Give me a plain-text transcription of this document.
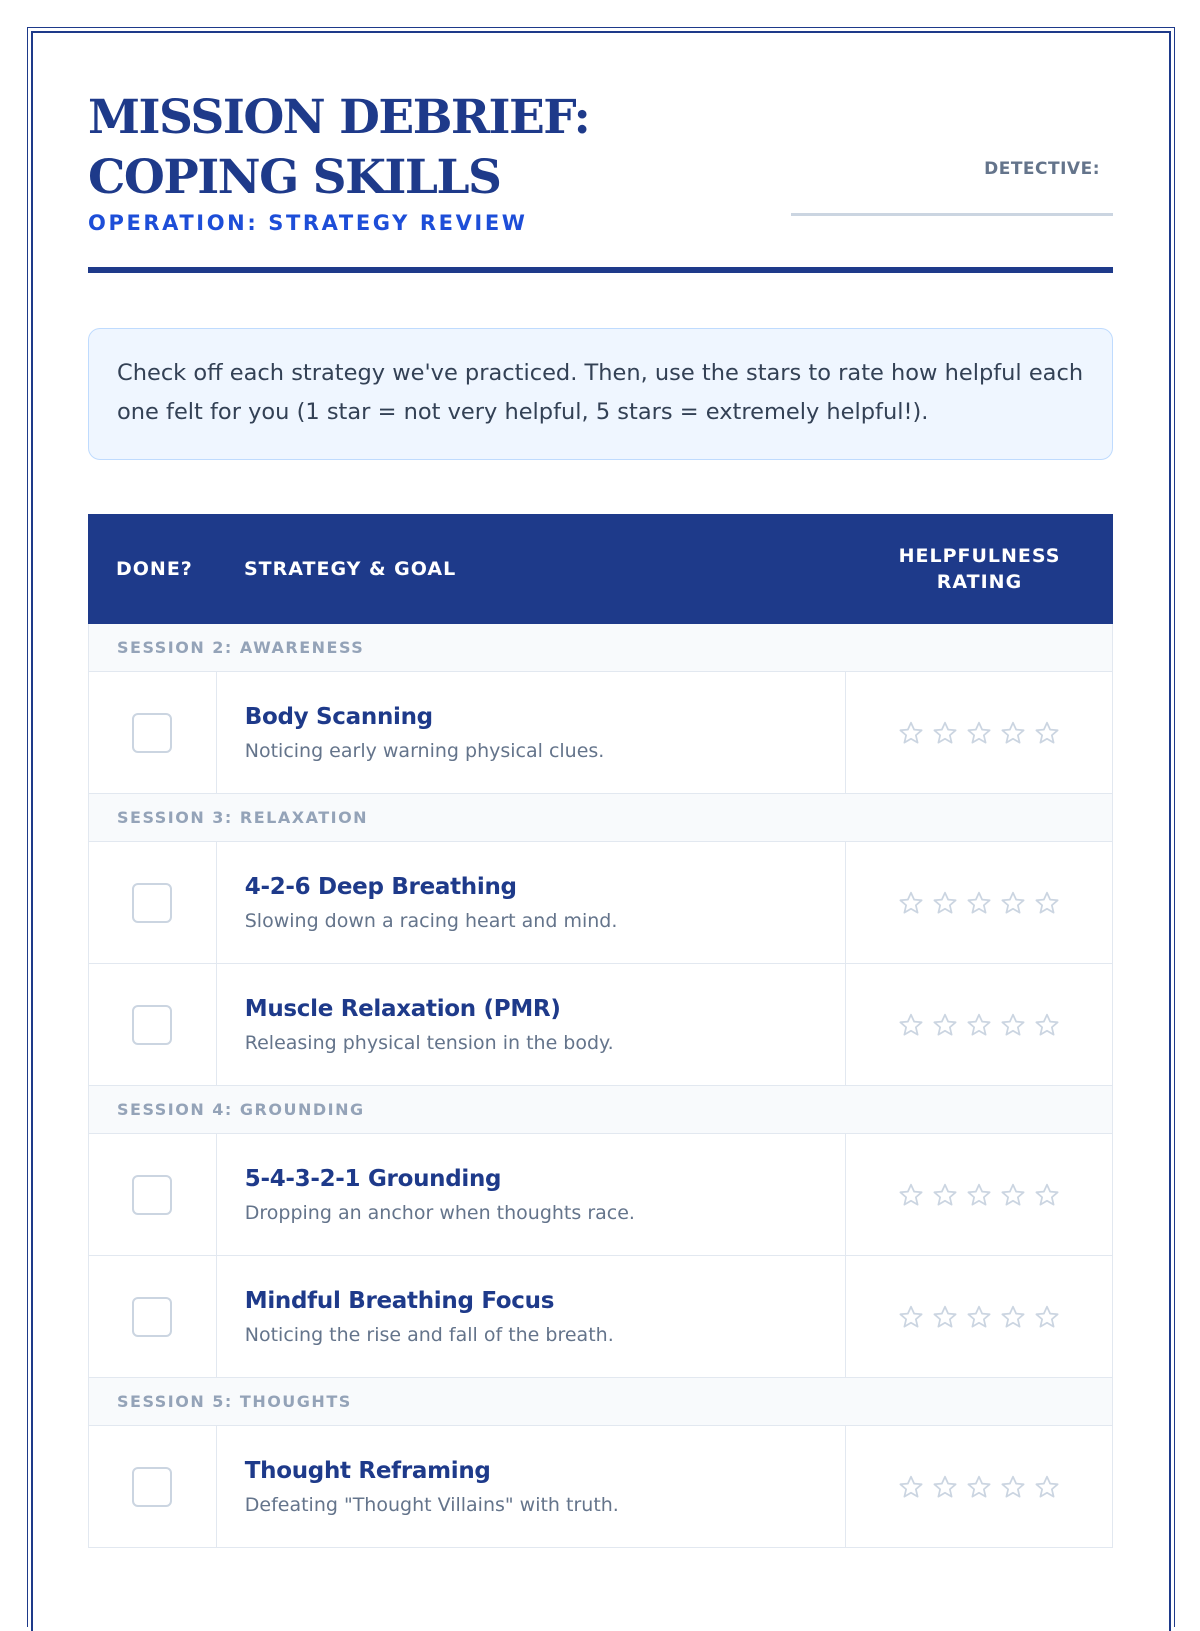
MISSION DEBRIEF: COPING SKILLS
OPERATION: STRATEGY REVIEW
DETECTIVE:
Check off each strategy we've practiced. Then, use the stars to rate how helpful each one felt for you (1 star = not very helpful, 5 stars = extremely helpful!).
DONE?	STRATEGY & GOAL
HELPFULNESS RATING
SESSION 2: AWARENESS
Body Scanning
Noticing early warning physical clues.
SESSION 3: RELAXATION
4-2-6 Deep Breathing
Slowing down a racing heart and mind.
Muscle Relaxation (PMR)
Releasing physical tension in the body.
SESSION 4: GROUNDING
5-4-3-2-1 Grounding
Dropping an anchor when thoughts race.
Mindful Breathing Focus
Noticing the rise and fall of the breath.
SESSION 5: THOUGHTS
Thought Reframing
Defeating "Thought Villains" with truth.
